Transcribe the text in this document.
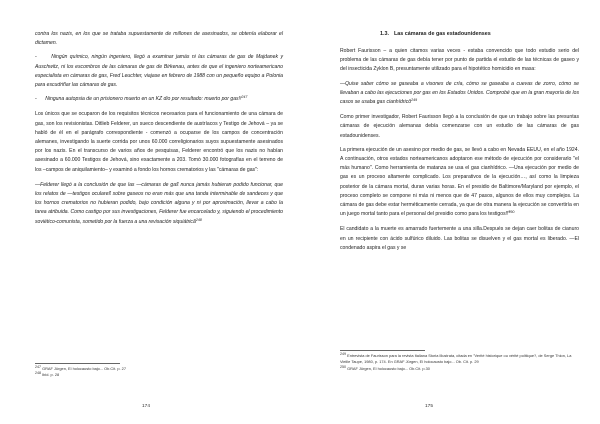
contra los nazis, en los que se trataba supuestamente de millones de asesinados, se obtenía elaborar el dictamen.

-      Ningún químico, ningún ingeniero, llegó a examinar jamás ni las cámaras de gas de Majdanek y Auschwitz, ni los escombros de las cámaras de gas de Birkenau, antes de que el ingeniero norteamericano especialista en cámaras de gas, Fred Leuchter, viajase en febrero de 1988 con un pequeño equipo a Polonia para escudriñar las cámaras de gas.

-      Ninguna autopsia de un prisionero muerto en un KZ dio por resultado: muerto por gas!!$^{247}$

Los únicos que se ocuparon de los requisitos técnicos necesarios para el funcionamiento de una cámara de gas, son los revisionistas. Ditlieb Felderer, un sueco descendiente de austríacos y Testigo de Jehová – ya se habló de él en el parágrafo correspondiente - comenzó a ocuparse de los campos de concentración alemanes, investigando la suerte corrida por unos 60.000 correligionarios suyos supuestamente asesinados por los nazis. En el transcurso de varios años de pesquisas, Felderer encontró que los nazis no habían asesinado a 60.000 Testigos de Jehová, sino exactamente a 203. Tomó 30.000 fotografías en el terreno de los –campos de aniquilamiento– y examinó a fondo los hornos crematorios y las "cámaras de gas":

—Felderer llegó a la conclusión de que las —cámaras de gas̃ nunca jamás hubieran podido funcionar, que los relatos de —testigos oculares̃ sobre gaseos no eran más que una tanda interminable de sandeces y que los hornos crematorios no hubieran podido, bajo condición alguna y ni por aproximación, llevar a cabo la tarea atribuida. Como castigo por sus investigaciones, Felderer fue encarcelado y, siguiendo el procedimiento soviético-comunista, sometido por la fuerza a una revisación siquiátricã$^{248}$

$^{247}$ GRAF Jürgen, El holocausto bajo... Ob.Cit. p. 27

$^{248}$ Ibid. p. 28

174
1.3. Las cámaras de gas estadounidenses

Robert Faurisson – a quien citamos varias veces - estaba convencido que todo estudio serio del problema de las cámaras de gas debía tener por punto de partida el estudio de las técnicas de gaseo y del insecticida Zyklon B, presuntamente utilizado para el hipotético homicidio en masa:

—Quise saber cómo se gaseaba a visones de cría, cómo se gaseaba a cuevas de zorro, cómo se llevaban a cabo las ejecuciones por gas en los Estados Unidos. Comprobé que en la gran mayoría de los casos se usaba gas cianhídricõ$^{249}$

Como primer investigador, Robert Faurisson llegó a la conclusión de que un trabajo sobre las presuntas cámaras de ejecución alemanas debía comenzarse con un estudio de las cámaras de gas estadounidenses.

La primera ejecución de un asesino por medio de gas, se llevó a cabo en Nevada EEUU, en el año 1924. A continuación, otros estados norteamericanos adoptaron ese método de ejecución por considerarlo "el más humano". Como herramienta de matanza se usa el gas cianhídrico. —Una ejecución por medio de gas es un proceso altamente complicado. Los preparativos de la ejecución…, así como la limpieza posterior de la cámara mortal, duran varias horas. En el presidio de Baltimore/Maryland por ejemplo, el proceso completo se compone ni más ni menos que de 47 pasos, algunos de ellos muy complejos. La cámara de gas debe estar herméticamente cerrada, ya que de otra manera la ejecución se convertiría en un juego mortal tanto para el personal del presidio como para los testigos!!̃$^{250}$

El candidato a la muerte es amarrado fuertemente a una silla.Después se dejan caer bolitas de cianuro en un recipiente con ácido sulfúrico diluido. Las bolitas se disuelven y el gas mortal es liberado. —El condenado aspira el gas y se

$^{249}$ Entrevista de Faurisson para la revista Italiana Storia Illustrata, citada en "Verité historique ou vérité politique?, de Serge Thion, La Vieille Taupe, 1980, p. 174. En GRAF Jürgen, El holocausto bajo... Ob. Cit. p. 29

$^{250}$ GRAF Jürgen, El holocausto bajo... Ob.Cit. p.30

175
